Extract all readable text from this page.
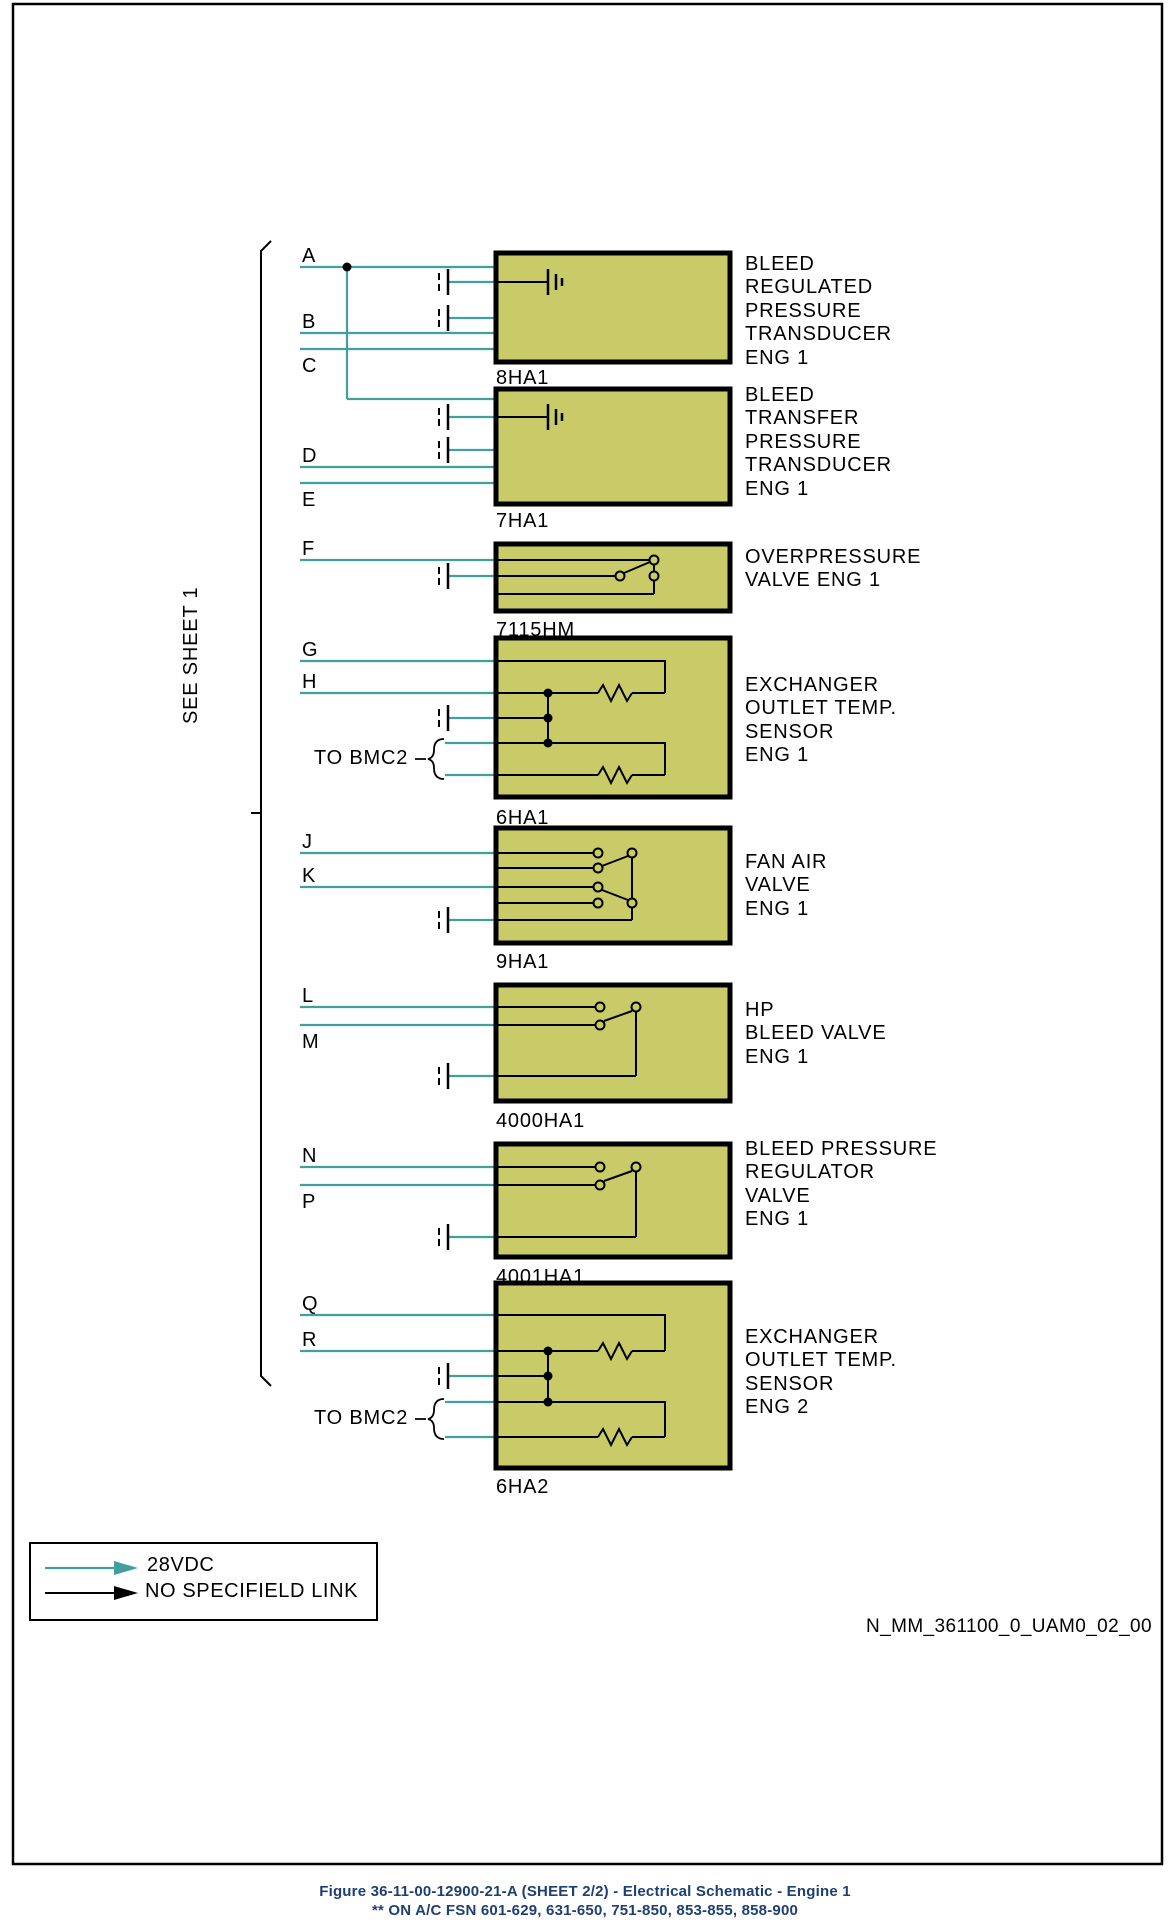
SEE SHEET 1
A
B
C
D
E
F
G
H
J
K
L
M
N
P
Q
R
TO BMC2
TO BMC2
8HA1
7HA1
7115HM
6HA1
9HA1
4000HA1
4001HA1
6HA2
BLEED
REGULATED
PRESSURE
TRANSDUCER
ENG 1
BLEED
TRANSFER
PRESSURE
TRANSDUCER
ENG 1
OVERPRESSURE
VALVE ENG 1
EXCHANGER
OUTLET TEMP.
SENSOR
ENG 1
FAN AIR
VALVE
ENG 1
HP
BLEED VALVE
ENG 1
BLEED PRESSURE
REGULATOR
VALVE
ENG 1
EXCHANGER
OUTLET TEMP.
SENSOR
ENG 2
28VDC
NO SPECIFIELD LINK
N_MM_361100_0_UAM0_02_00
Figure 36-11-00-12900-21-A (SHEET 2/2) - Electrical Schematic - Engine 1
** ON A/C FSN 601-629, 631-650, 751-850, 853-855, 858-900
